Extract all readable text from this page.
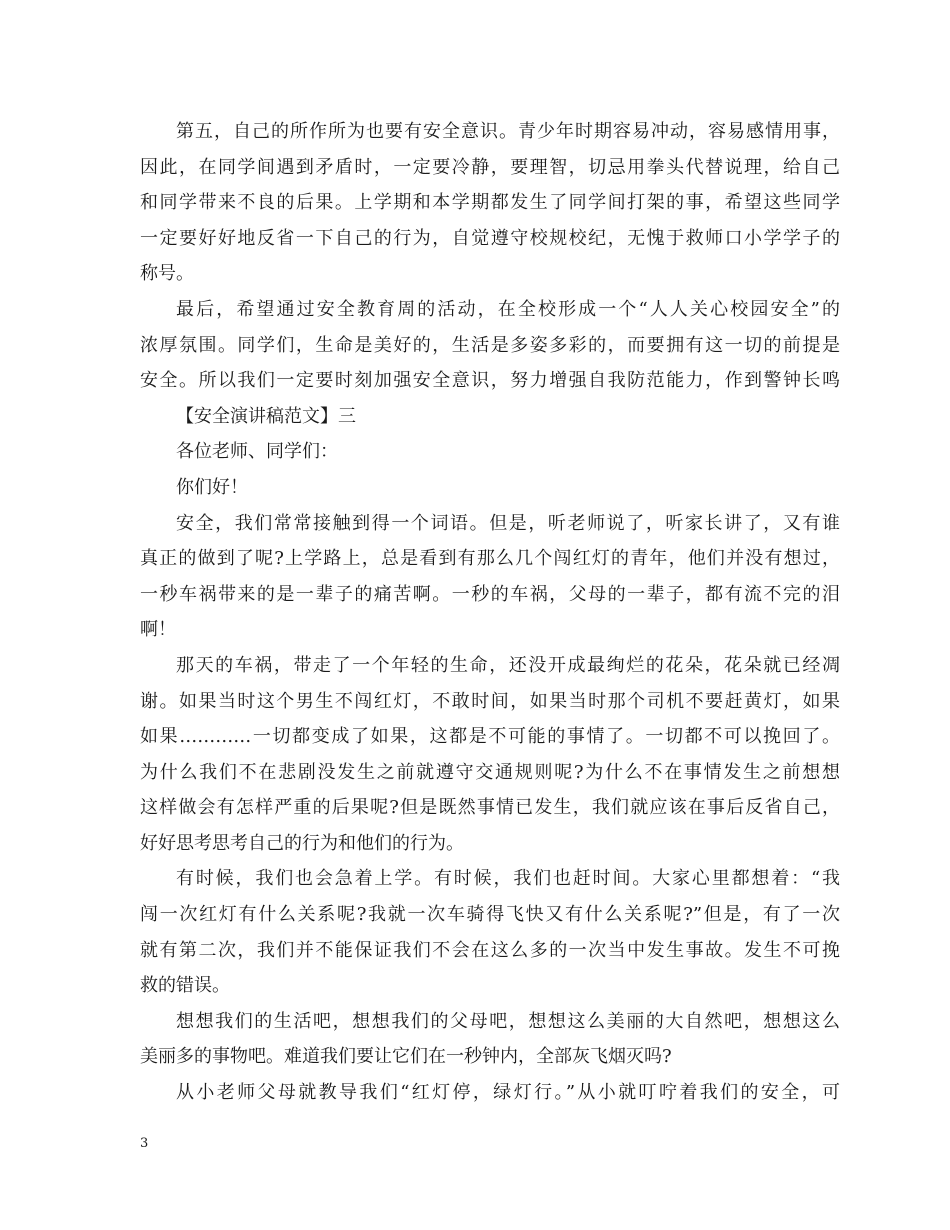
第五，自己的所作所为也要有安全意识。青少年时期容易冲动，容易感情用事，
因此，在同学间遇到矛盾时，一定要冷静，要理智，切忌用拳头代替说理，给自己
和同学带来不良的后果。上学期和本学期都发生了同学间打架的事，希望这些同学
一定要好好地反省一下自己的行为，自觉遵守校规校纪，无愧于救师口小学学子的
称号。
最后，希望通过安全教育周的活动，在全校形成一个“人人关心校园安全”的
浓厚氛围。同学们，生命是美好的，生活是多姿多彩的，而要拥有这一切的前提是
安全。所以我们一定要时刻加强安全意识，努力增强自我防范能力，作到警钟长鸣
【安全演讲稿范文】三
各位老师、同学们：
你们好！
安全，我们常常接触到得一个词语。但是，听老师说了，听家长讲了，又有谁
真正的做到了呢?上学路上，总是看到有那么几个闯红灯的青年，他们并没有想过，
一秒车祸带来的是一辈子的痛苦啊。一秒的车祸，父母的一辈子，都有流不完的泪
啊！
那天的车祸，带走了一个年轻的生命，还没开成最绚烂的花朵，花朵就已经凋
谢。如果当时这个男生不闯红灯，不敢时间，如果当时那个司机不要赶黄灯，如果
如果…………一切都变成了如果，这都是不可能的事情了。一切都不可以挽回了。
为什么我们不在悲剧没发生之前就遵守交通规则呢?为什么不在事情发生之前想想
这样做会有怎样严重的后果呢?但是既然事情已发生，我们就应该在事后反省自己，
好好思考思考自己的行为和他们的行为。
有时候，我们也会急着上学。有时候，我们也赶时间。大家心里都想着：“我
闯一次红灯有什么关系呢?我就一次车骑得飞快又有什么关系呢?”但是，有了一次
就有第二次，我们并不能保证我们不会在这么多的一次当中发生事故。发生不可挽
救的错误。
想想我们的生活吧，想想我们的父母吧，想想这么美丽的大自然吧，想想这么
美丽多的事物吧。难道我们要让它们在一秒钟内，全部灰飞烟灭吗?
从小老师父母就教导我们“红灯停，绿灯行。”从小就叮咛着我们的安全，可
3
